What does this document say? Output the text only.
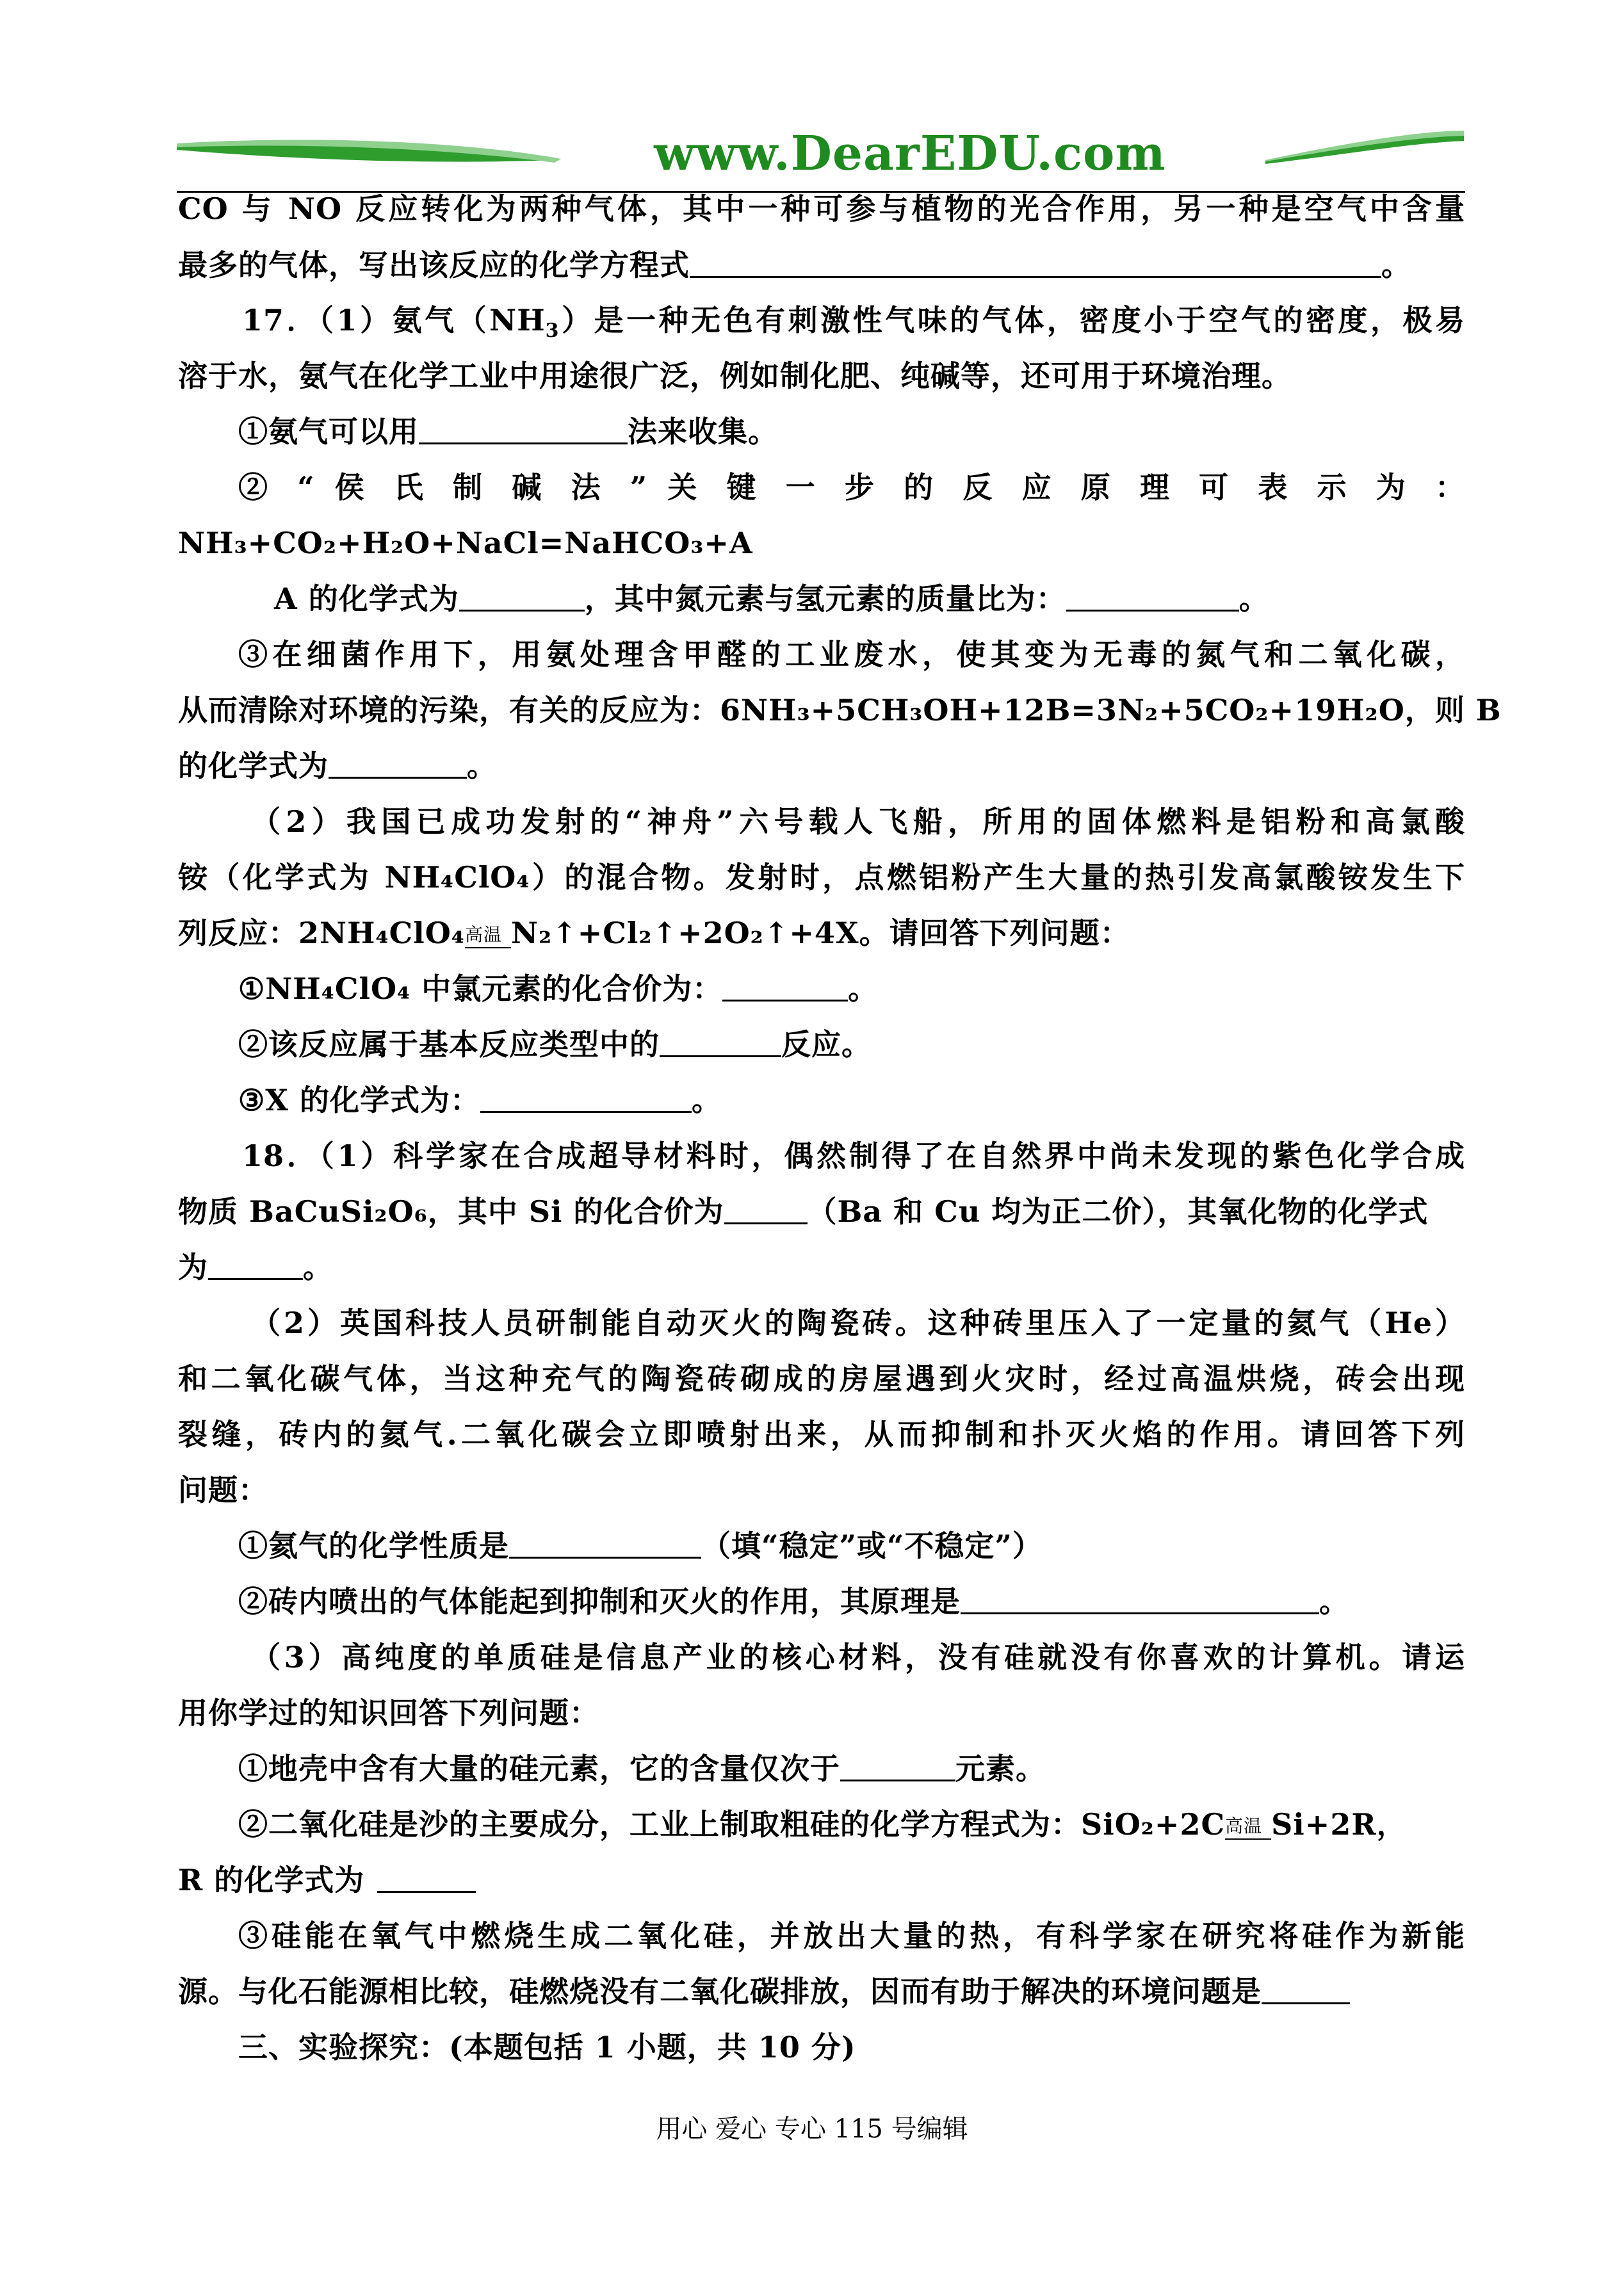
www.DearEDU.com
CO 与 NO 反应转化为两种气体，其中一种可参与植物的光合作用，另一种是空气中含量
最多的气体，写出该反应的化学方程式	。
17．（1）氨气$(NH_3)$是一种无色有刺激性气味的气体，密度小于空气的密度，极易
溶于水，氨气在化学工业中用途很广泛，例如制化肥、纯碱等，还可用于环境治理。
①氨气可以用	法来收集。
② “ 侯 氏 制 碱 法 ” 关 键 一 步 的 反 应 原 理 可 表 示 为 ：
NH₃+CO₂+H₂O+NaCl=NaHCO₃+A
A 的化学式为	，其中氮元素与氢元素的质量比为：	。
③在细菌作用下，用氨处理含甲醛的工业废水，使其变为无毒的氮气和二氧化碳，
从而清除对环境的污染，有关的反应为：6NH₃+5CH₃OH+12B=3N₂+5CO₂+19H₂O，则 B
的化学式为	。
（2）我国已成功发射的“神舟”六号载人飞船，所用的固体燃料是铝粉和高氯酸
铵（化学式为 NH₄ClO₄）的混合物。发射时，点燃铝粉产生大量的热引发高氯酸铵发生下
列反应：2NH₄ClO₄ 高温 N₂↑+Cl₂↑+2O₂↑+4X。请回答下列问题：
①NH₄ClO₄ 中氯元素的化合价为：	。
②该反应属于基本反应类型中的	反应。
③X 的化学式为：	。
18．（1）科学家在合成超导材料时，偶然制得了在自然界中尚未发现的紫色化学合成
物质 BaCuSi₂O₆，其中 Si 的化合价为	（Ba 和 Cu 均为正二价），其氧化物的化学式
为	。
（2）英国科技人员研制能自动灭火的陶瓷砖。这种砖里压入了一定量的氦气（He）
和二氧化碳气体，当这种充气的陶瓷砖砌成的房屋遇到火灾时，经过高温烘烧，砖会出现
裂缝，砖内的氦气.二氧化碳会立即喷射出来，从而抑制和扑灭火焰的作用。请回答下列
问题：
①氦气的化学性质是	（填“稳定”或“不稳定”）
②砖内喷出的气体能起到抑制和灭火的作用，其原理是	。
（3）高纯度的单质硅是信息产业的核心材料，没有硅就没有你喜欢的计算机。请运
用你学过的知识回答下列问题：
①地壳中含有大量的硅元素，它的含量仅次于	元素。
②二氧化硅是沙的主要成分，工业上制取粗硅的化学方程式为：SiO₂+2C 高温 Si+2R，
R 的化学式为
③硅能在氧气中燃烧生成二氧化硅，并放出大量的热，有科学家在研究将硅作为新能
源。与化石能源相比较，硅燃烧没有二氧化碳排放，因而有助于解决的环境问题是
三、实验探究：(本题包括 1 小题，共 10 分)
用心 爱心 专心 115 号编辑
